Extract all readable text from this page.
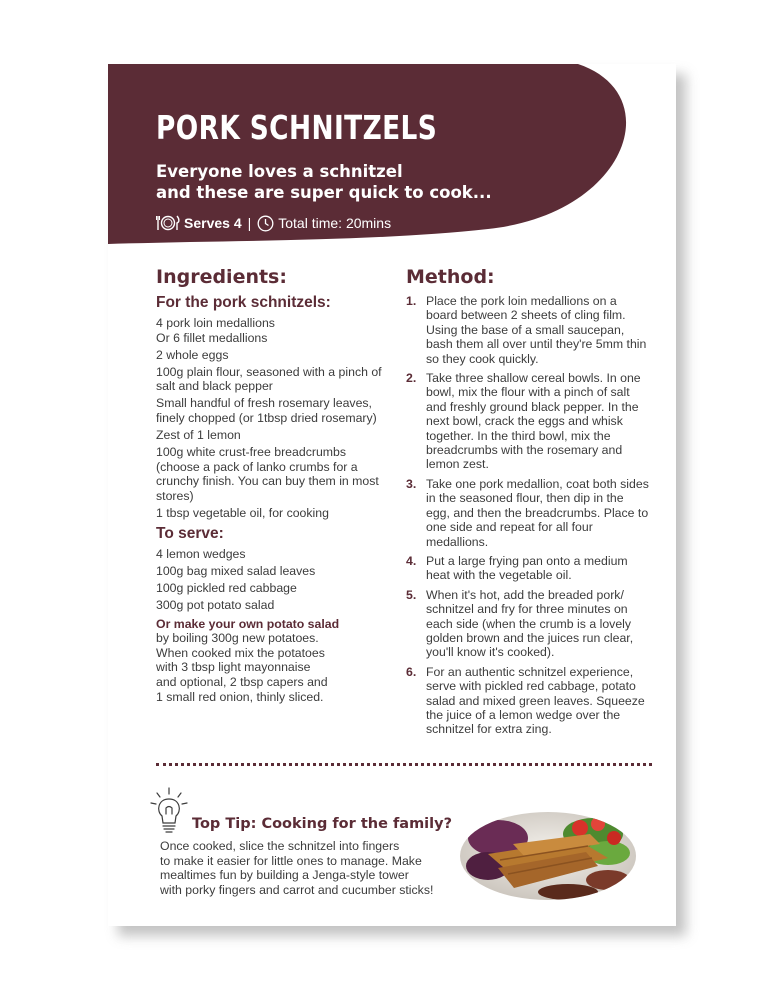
PORK SCHNITZELS

Everyone loves a schnitzel
and these are super quick to cook...

Serves 4 | Total time: 20mins
Ingredients:
For the pork schnitzels:
4 pork loin medallions
Or 6 fillet medallions
2 whole eggs
100g plain flour, seasoned with a pinch of salt and black pepper
Small handful of fresh rosemary leaves, finely chopped (or 1tbsp dried rosemary)
Zest of 1 lemon
100g white crust-free breadcrumbs (choose a pack of lanko crumbs for a crunchy finish. You can buy them in most stores)
1 tbsp vegetable oil, for cooking
To serve:
4 lemon wedges
100g bag mixed salad leaves
100g pickled red cabbage
300g pot potato salad
Or make your own potato salad
by boiling 300g new potatoes.
When cooked mix the potatoes
with 3 tbsp light mayonnaise
and optional, 2 tbsp capers and
1 small red onion, thinly sliced.
Method:
1. Place the pork loin medallions on a board between 2 sheets of cling film. Using the base of a small saucepan, bash them all over until they're 5mm thin so they cook quickly.
2. Take three shallow cereal bowls. In one bowl, mix the flour with a pinch of salt and freshly ground black pepper. In the next bowl, crack the eggs and whisk together. In the third bowl, mix the breadcrumbs with the rosemary and lemon zest.
3. Take one pork medallion, coat both sides in the seasoned flour, then dip in the egg, and then the breadcrumbs. Place to one side and repeat for all four medallions.
4. Put a large frying pan onto a medium heat with the vegetable oil.
5. When it's hot, add the breaded pork/ schnitzel and fry for three minutes on each side (when the crumb is a lovely golden brown and the juices run clear, you'll know it's cooked).
6. For an authentic schnitzel experience, serve with pickled red cabbage, potato salad and mixed green leaves. Squeeze the juice of a lemon wedge over the schnitzel for extra zing.
Top Tip: Cooking for the family?
Once cooked, slice the schnitzel into fingers
to make it easier for little ones to manage. Make
mealtimes fun by building a Jenga-style tower
with porky fingers and carrot and cucumber sticks!
